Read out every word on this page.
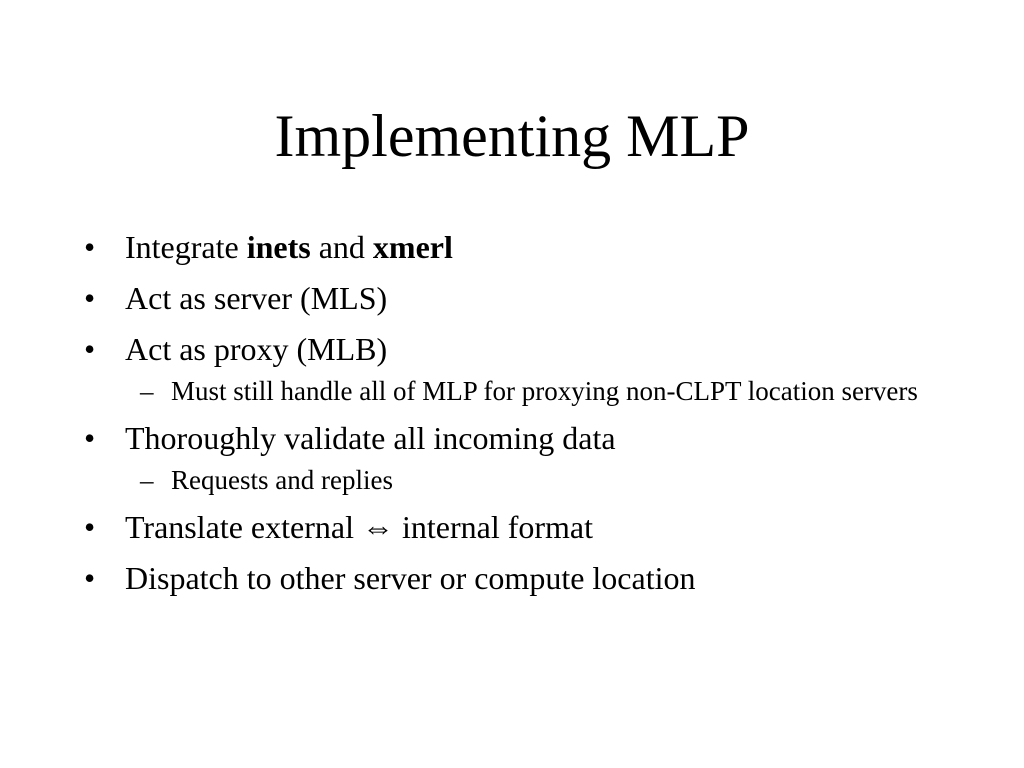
Implementing MLP
• Integrate inets and xmerl
• Act as server (MLS)
• Act as proxy (MLB)
– Must still handle all of MLP for proxying non-CLPT location servers
• Thoroughly validate all incoming data
– Requests and replies
• Translate external ⇔ internal format
• Dispatch to other server or compute location
